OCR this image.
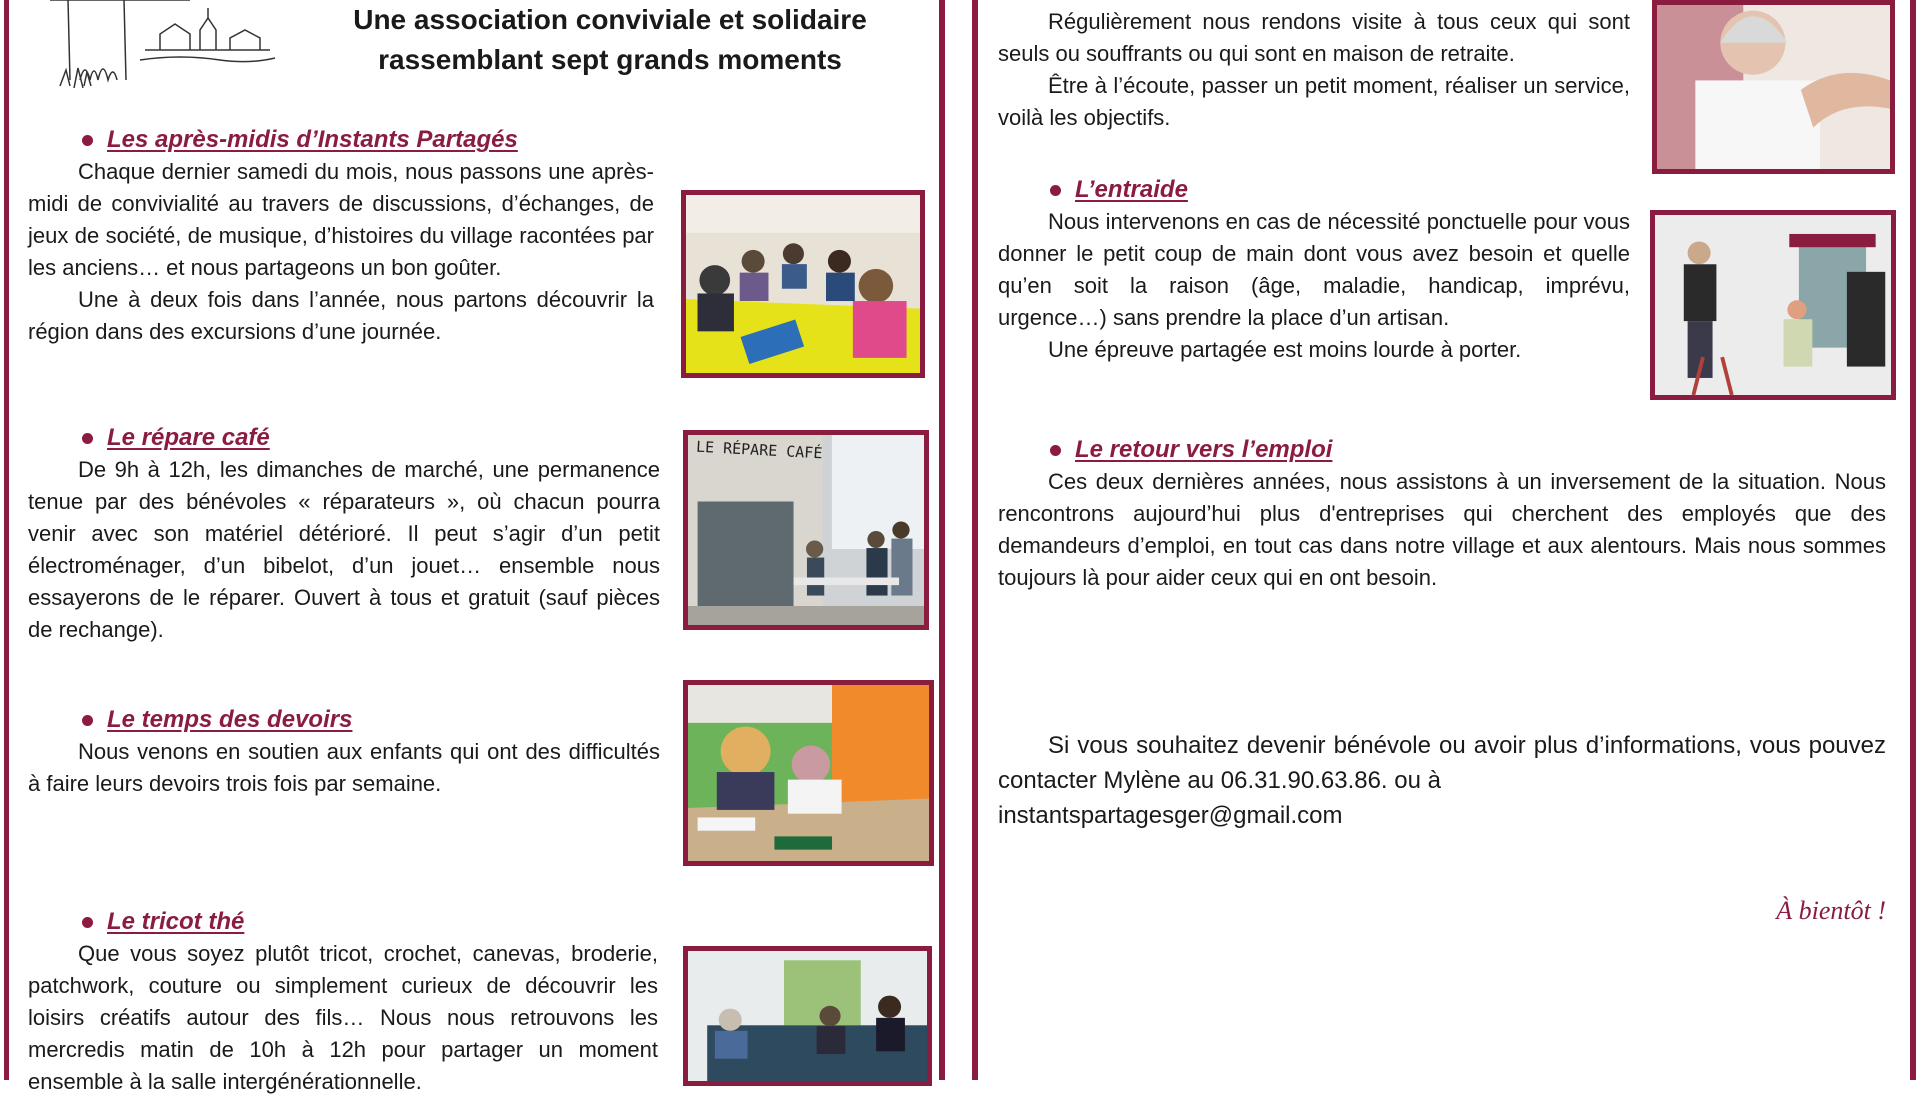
Une association conviviale et solidaire
rassemblant sept grands moments
Les après-midis d’Instants Partagés
Chaque dernier samedi du mois, nous passons une après-midi de convivialité au travers de discussions, d’échanges, de jeux de société, de musique, d’histoires du village racontées par les anciens… et nous partageons un bon goûter.
Une à deux fois dans l’année, nous partons découvrir la région dans des excursions d’une journée.
Le répare café
De 9h à 12h, les dimanches de marché, une permanence tenue par des bénévoles « réparateurs », où chacun pourra venir avec son matériel détérioré. Il peut s’agir d’un petit électroménager, d’un bibelot, d’un jouet… ensemble nous essayerons de le réparer. Ouvert à tous et gratuit (sauf pièces de rechange).
LE RÉPARE CAFÉ
Le temps des devoirs
Nous venons en soutien aux enfants qui ont des difficultés à faire leurs devoirs trois fois par semaine.
Le tricot thé
Que vous soyez plutôt tricot, crochet, canevas, broderie, patchwork, couture ou simplement curieux de découvrir les loisirs créatifs autour des fils… Nous nous retrouvons les mercredis matin de 10h à 12h pour partager un moment ensemble à la salle intergénérationnelle.
Régulièrement nous rendons visite à tous ceux qui sont seuls ou souffrants ou qui sont en maison de retraite.
Être à l’écoute, passer un petit moment, réaliser un service, voilà les objectifs.
L’entraide
Nous intervenons en cas de nécessité ponctuelle pour vous donner le petit coup de main dont vous avez besoin et quelle qu’en soit la raison (âge, maladie, handicap, imprévu, urgence…) sans prendre la place d’un artisan.
Une épreuve partagée est moins lourde à porter.
Le retour vers l’emploi
Ces deux dernières années, nous assistons à un inversement de la situation. Nous rencontrons aujourd’hui plus d'entreprises qui cherchent des employés que des demandeurs d’emploi, en tout cas dans notre village et aux alentours. Mais nous sommes toujours là pour aider ceux qui en ont besoin.
Si vous souhaitez devenir bénévole ou avoir plus d’informations, vous pouvez contacter Mylène au 06.31.90.63.86. ou à
instantspartagesger@gmail.com
À bientôt !
